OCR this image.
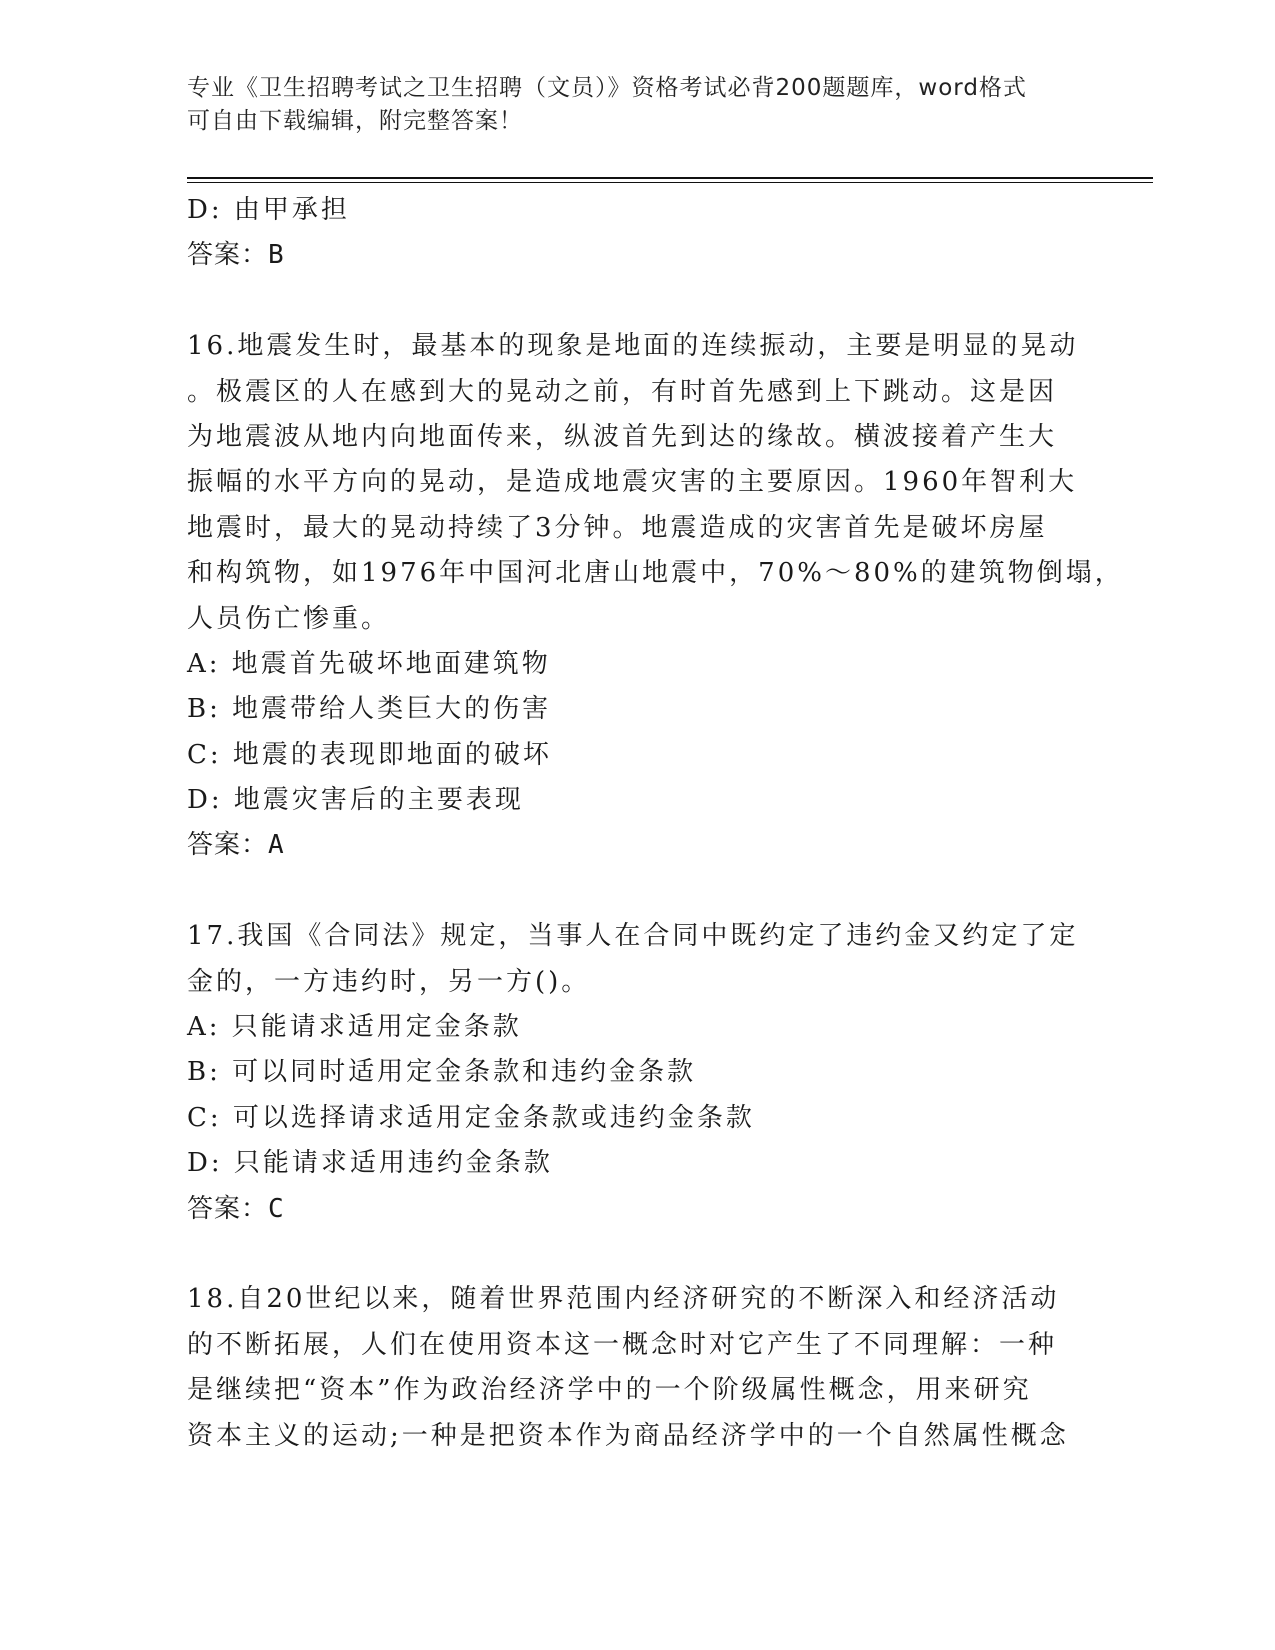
专业《卫生招聘考试之卫生招聘（文员）》资格考试必背200题题库，word格式
可自由下载编辑，附完整答案！
D: 由甲承担
答案：B
16.地震发生时，最基本的现象是地面的连续振动，主要是明显的晃动
。极震区的人在感到大的晃动之前，有时首先感到上下跳动。这是因
为地震波从地内向地面传来，纵波首先到达的缘故。横波接着产生大
振幅的水平方向的晃动，是造成地震灾害的主要原因。1960年智利大
地震时，最大的晃动持续了3分钟。地震造成的灾害首先是破坏房屋
和构筑物，如1976年中国河北唐山地震中，70%～80%的建筑物倒塌，
人员伤亡惨重。
A: 地震首先破坏地面建筑物
B: 地震带给人类巨大的伤害
C: 地震的表现即地面的破坏
D: 地震灾害后的主要表现
答案：A
17.我国《合同法》规定，当事人在合同中既约定了违约金又约定了定
金的，一方违约时，另一方()。
A: 只能请求适用定金条款
B: 可以同时适用定金条款和违约金条款
C: 可以选择请求适用定金条款或违约金条款
D: 只能请求适用违约金条款
答案：C
18.自20世纪以来，随着世界范围内经济研究的不断深入和经济活动
的不断拓展，人们在使用资本这一概念时对它产生了不同理解：一种
是继续把“资本”作为政治经济学中的一个阶级属性概念，用来研究
资本主义的运动;一种是把资本作为商品经济学中的一个自然属性概念
